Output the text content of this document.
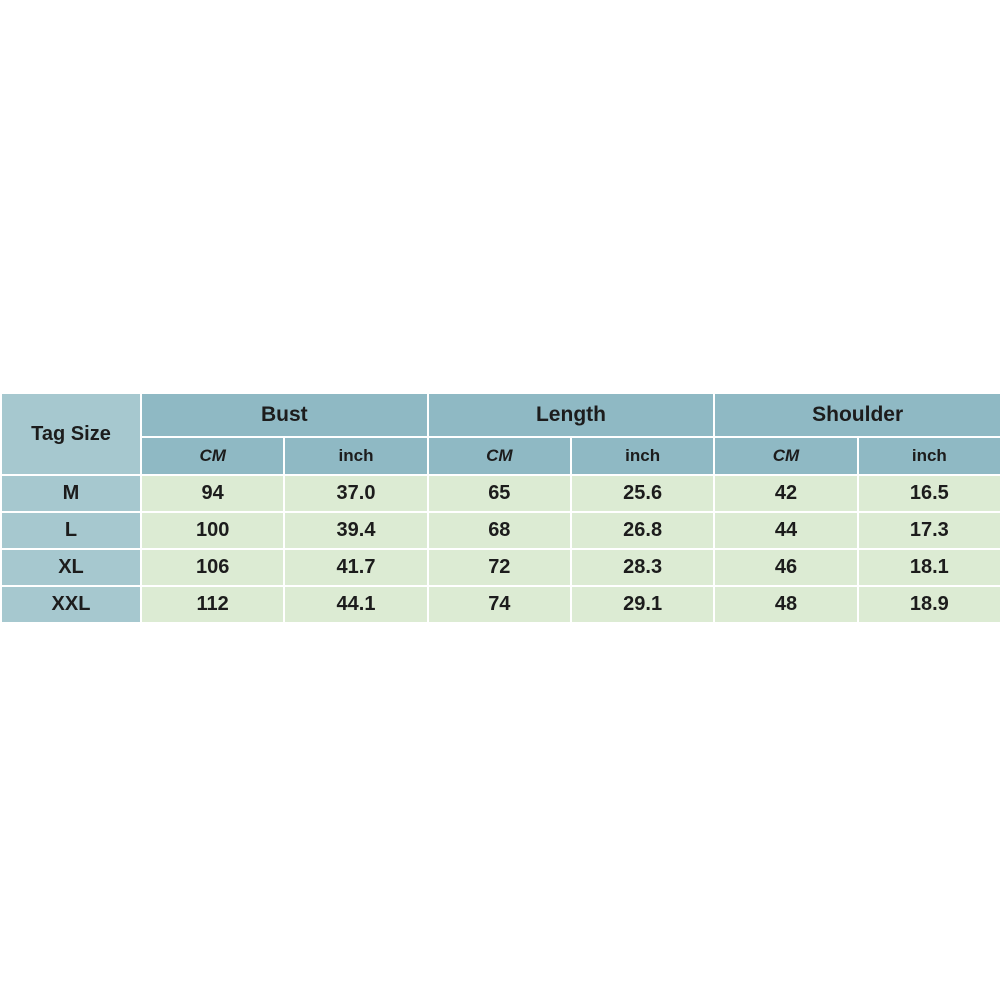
Tag Size	Bust		Length		Shoulder	
	CM	inch	CM	inch	CM	inch
M	94	37.0	65	25.6	42	16.5
L	100	39.4	68	26.8	44	17.3
XL	106	41.7	72	28.3	46	18.1
XXL	112	44.1	74	29.1	48	18.9
